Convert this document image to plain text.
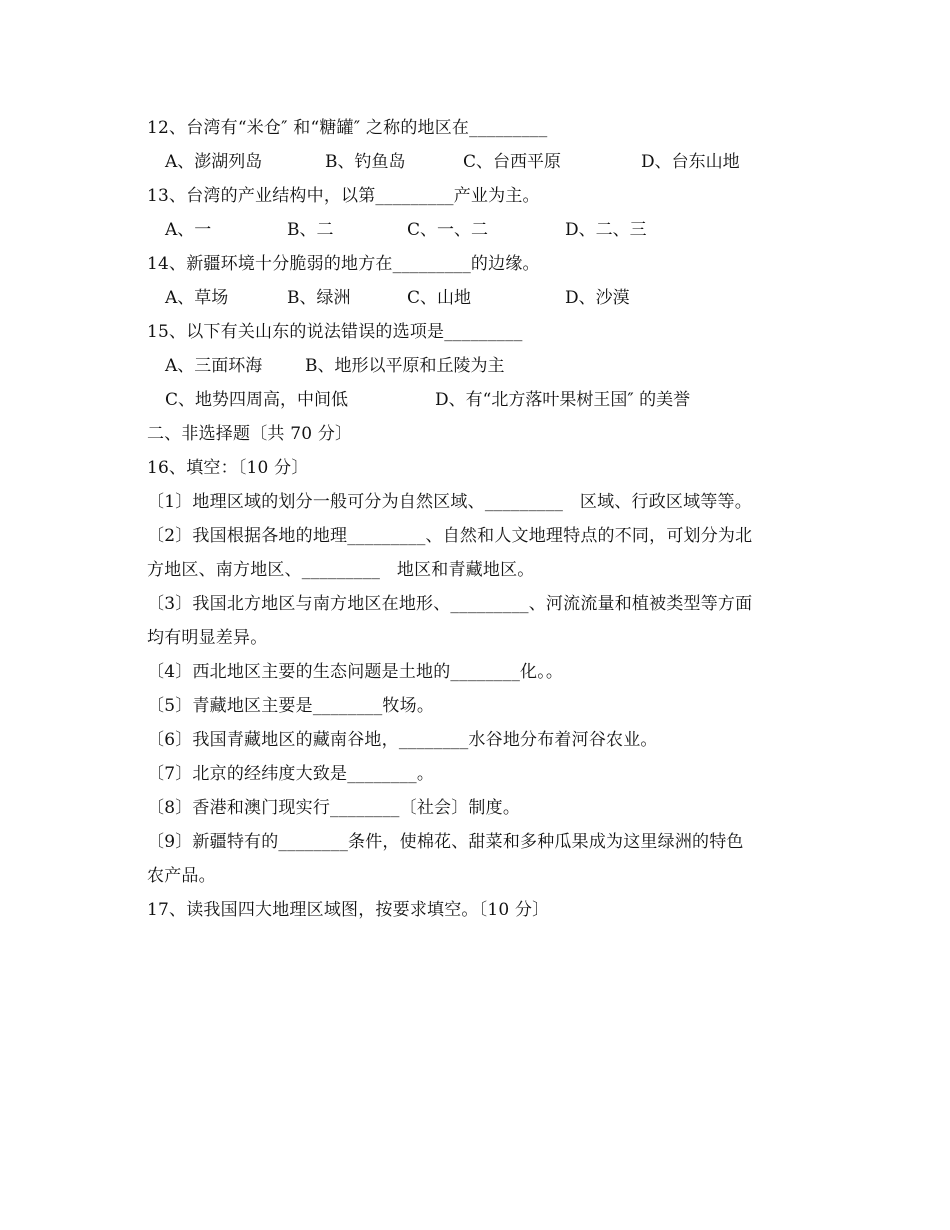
12、台湾有“米仓″ 和“糖罐″ 之称的地区在_________
A、澎湖列岛	B、钓鱼岛	C、台西平原	D、台东山地
13、台湾的产业结构中，以第_________产业为主。
A、一	B、二	C、一、二	D、二、三
14、新疆环境十分脆弱的地方在_________的边缘。
A、草场	B、绿洲	C、山地	D、沙漠
15、以下有关山东的说法错误的选项是_________
A、三面环海	B、地形以平原和丘陵为主
C、地势四周高，中间低	D、有“北方落叶果树王国″ 的美誉
二、非选择题〔共 70 分〕
16、填空：〔10 分〕
〔1〕地理区域的划分一般可分为自然区域、_________   区域、行政区域等等。
〔2〕我国根据各地的地理_________、自然和人文地理特点的不同，可划分为北
方地区、南方地区、_________   地区和青藏地区。
〔3〕我国北方地区与南方地区在地形、_________、河流流量和植被类型等方面
均有明显差异。
〔4〕西北地区主要的生态问题是土地的________化。。
〔5〕青藏地区主要是________牧场。
〔6〕我国青藏地区的藏南谷地，________水谷地分布着河谷农业。
〔7〕北京的经纬度大致是________。
〔8〕香港和澳门现实行________〔社会〕制度。
〔9〕新疆特有的________条件，使棉花、甜菜和多种瓜果成为这里绿洲的特色
农产品。
17、读我国四大地理区域图，按要求填空。〔10 分〕
